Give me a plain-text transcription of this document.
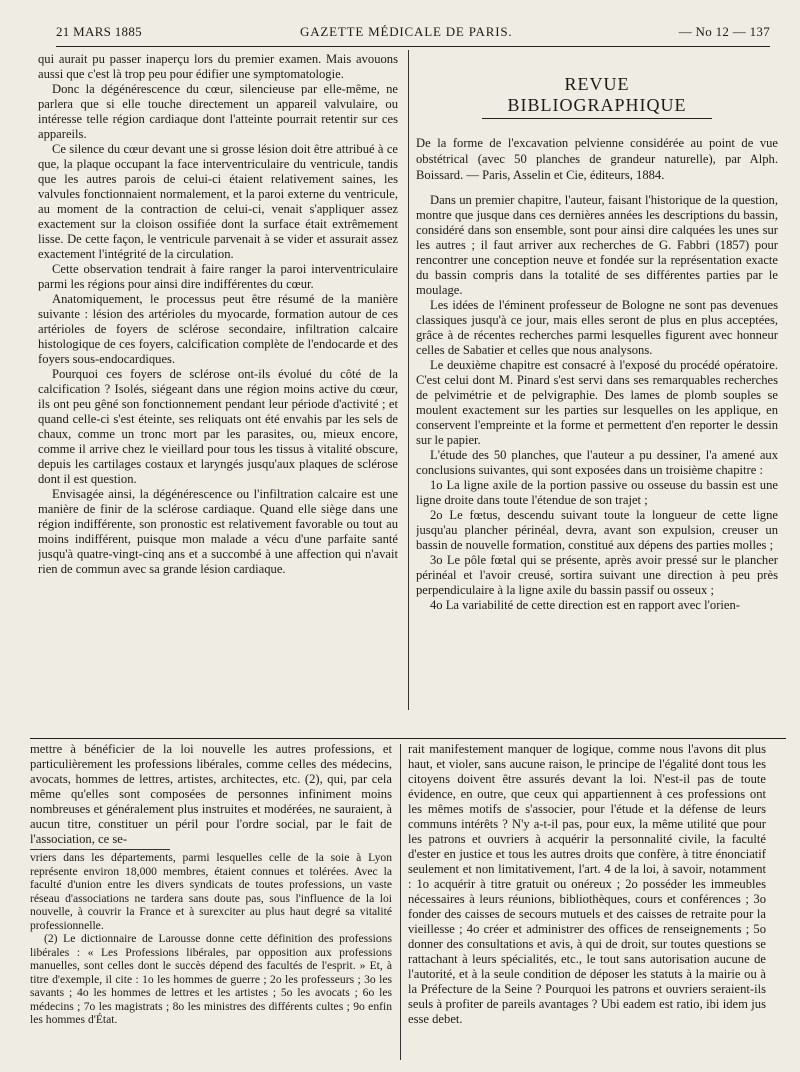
21 MARS 1885	GAZETTE MÉDICALE DE PARIS.	— No 12 — 137

qui aurait pu passer inaperçu lors du premier examen. Mais avouons aussi que c'est là trop peu pour édifier une symptomatologie.

Donc la dégénérescence du cœur, silencieuse par elle-même, ne parlera que si elle touche directement un appareil valvulaire, ou intéresse telle région cardiaque dont l'atteinte pourrait retentir sur ces appareils.

Ce silence du cœur devant une si grosse lésion doit être attribué à ce que, la plaque occupant la face interventriculaire du ventricule, tandis que les autres parois de celui-ci étaient relativement saines, les valvules fonctionnaient normalement, et la paroi externe du ventricule, au moment de la contraction de celui-ci, venait s'appliquer assez exactement sur la cloison ossifiée dont la surface était extrêmement lisse. De cette façon, le ventricule parvenait à se vider et assurait assez exactement l'intégrité de la circulation.

Cette observation tendrait à faire ranger la paroi interventriculaire parmi les régions pour ainsi dire indifférentes du cœur.

Anatomiquement, le processus peut être résumé de la manière suivante : lésion des artérioles du myocarde, formation autour de ces artérioles de foyers de sclérose secondaire, infiltration calcaire histologique de ces foyers, calcification complète de l'endocarde et des foyers sous-endocardiques.

Pourquoi ces foyers de sclérose ont-ils évolué du côté de la calcification ? Isolés, siégeant dans une région moins active du cœur, ils ont peu gêné son fonctionnement pendant leur période d'activité ; et quand celle-ci s'est éteinte, ses reliquats ont été envahis par les sels de chaux, comme un tronc mort par les parasites, ou, mieux encore, comme il arrive chez le vieillard pour tous les tissus à vitalité obscure, depuis les cartilages costaux et laryngés jusqu'aux plaques de sclérose dont il est question.

Envisagée ainsi, la dégénérescence ou l'infiltration calcaire est une manière de finir de la sclérose cardiaque. Quand elle siège dans une région indifférente, son pronostic est relativement favorable ou tout au moins indifférent, puisque mon malade a vécu d'une parfaite santé jusqu'à quatre-vingt-cinq ans et a succombé à une affection qui n'avait rien de commun avec sa grande lésion cardiaque.

REVUE BIBLIOGRAPHIQUE

De la forme de l'excavation pelvienne considérée au point de vue obstétrical (avec 50 planches de grandeur naturelle), par Alph. Boissard. — Paris, Asselin et Cie, éditeurs, 1884.

Dans un premier chapitre, l'auteur, faisant l'historique de la question, montre que jusque dans ces dernières années les descriptions du bassin, considéré dans son ensemble, sont pour ainsi dire calquées les unes sur les autres ; il faut arriver aux recherches de G. Fabbri (1857) pour rencontrer une conception neuve et fondée sur la représentation exacte du bassin compris dans la totalité de ses différentes parties par le moulage.

Les idées de l'éminent professeur de Bologne ne sont pas devenues classiques jusqu'à ce jour, mais elles seront de plus en plus acceptées, grâce à de récentes recherches parmi lesquelles figurent avec honneur celles de Sabatier et celles que nous analysons.

Le deuxième chapitre est consacré à l'exposé du procédé opératoire. C'est celui dont M. Pinard s'est servi dans ses remarquables recherches de pelvimétrie et de pelvigraphie. Des lames de plomb souples se moulent exactement sur les parties sur lesquelles on les applique, en conservent l'empreinte et la forme et permettent d'en reporter le dessin sur le papier.

L'étude des 50 planches, que l'auteur a pu dessiner, l'a amené aux conclusions suivantes, qui sont exposées dans un troisième chapitre :

1o La ligne axile de la portion passive ou osseuse du bassin est une ligne droite dans toute l'étendue de son trajet ;

2o Le fœtus, descendu suivant toute la longueur de cette ligne jusqu'au plancher périnéal, devra, avant son expulsion, creuser un bassin de nouvelle formation, constitué aux dépens des parties molles ;

3o Le pôle fœtal qui se présente, après avoir pressé sur le plancher périnéal et l'avoir creusé, sortira suivant une direction à peu près perpendiculaire à la ligne axile du bassin passif ou osseux ;

4o La variabilité de cette direction est en rapport avec l'orien-

mettre à bénéficier de la loi nouvelle les autres professions, et particulièrement les professions libérales, comme celles des médecins, avocats, hommes de lettres, artistes, architectes, etc. (2), qui, par cela même qu'elles sont composées de personnes infiniment moins nombreuses et généralement plus instruites et modérées, ne sauraient, à aucun titre, constituer un péril pour l'ordre social, par le fait de l'association, ce se-

vriers dans les départements, parmi lesquelles celle de la soie à Lyon représente environ 18,000 membres, étaient connues et tolérées. Avec la faculté d'union entre les divers syndicats de toutes professions, un vaste réseau d'associations ne tardera sans doute pas, sous l'influence de la loi nouvelle, à couvrir la France et à surexciter au plus haut degré sa vitalité professionnelle.

(2) Le dictionnaire de Larousse donne cette définition des professions libérales : « Les Professions libérales, par opposition aux professions manuelles, sont celles dont le succès dépend des facultés de l'esprit. » Et, à titre d'exemple, il cite : 1o les hommes de guerre ; 2o les professeurs ; 3o les savants ; 4o les hommes de lettres et les artistes ; 5o les avocats ; 6o les médecins ; 7o les magistrats ; 8o les ministres des différents cultes ; 9o enfin les hommes d'État.

rait manifestement manquer de logique, comme nous l'avons dit plus haut, et violer, sans aucune raison, le principe de l'égalité dont tous les citoyens doivent être assurés devant la loi. N'est-il pas de toute évidence, en outre, que ceux qui appartiennent à ces professions ont les mêmes motifs de s'associer, pour l'étude et la défense de leurs communs intérêts ? N'y a-t-il pas, pour eux, la même utilité que pour les patrons et ouvriers à acquérir la personnalité civile, la faculté d'ester en justice et tous les autres droits que confère, à titre énonciatif seulement et non limitativement, l'art. 4 de la loi, à savoir, notamment : 1o acquérir à titre gratuit ou onéreux ; 2o posséder les immeubles nécessaires à leurs réunions, bibliothèques, cours et conférences ; 3o fonder des caisses de secours mutuels et des caisses de retraite pour la vieillesse ; 4o créer et administrer des offices de renseignements ; 5o donner des consultations et avis, à qui de droit, sur toutes questions se rattachant à leurs spécialités, etc., le tout sans autorisation aucune de l'autorité, et à la seule condition de déposer les statuts à la mairie ou à la Préfecture de la Seine ? Pourquoi les patrons et ouvriers seraient-ils seuls à profiter de pareils avantages ? Ubi eadem est ratio, ibi idem jus esse debet.
